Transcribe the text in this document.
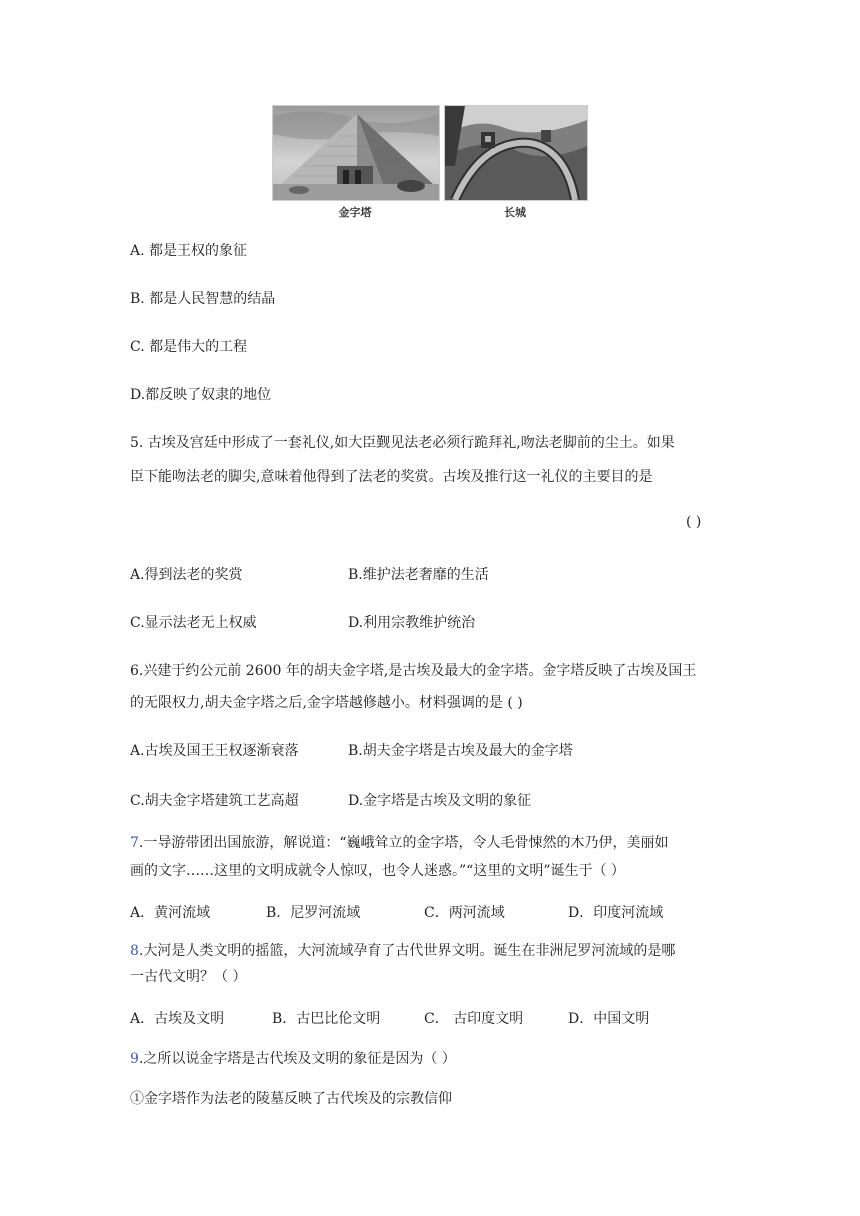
金字塔	长城
A. 都是王权的象征
B. 都是人民智慧的结晶
C. 都是伟大的工程
D.都反映了奴隶的地位
5. 古埃及宫廷中形成了一套礼仪,如大臣觐见法老必须行跪拜礼,吻法老脚前的尘土。如果
臣下能吻法老的脚尖,意味着他得到了法老的奖赏。古埃及推行这一礼仪的主要目的是
( )
A.得到法老的奖赏	B.维护法老奢靡的生活
C.显示法老无上权威	D.利用宗教维护统治
6.兴建于约公元前 2600 年的胡夫金字塔,是古埃及最大的金字塔。金字塔反映了古埃及国王
的无限权力,胡夫金字塔之后,金字塔越修越小。材料强调的是 ( )
A.古埃及国王王权逐渐衰落	B.胡夫金字塔是古埃及最大的金字塔
C.胡夫金字塔建筑工艺高超	D.金字塔是古埃及文明的象征
7.一导游带团出国旅游，解说道：“巍峨耸立的金字塔，令人毛骨悚然的木乃伊，美丽如
画的文字……这里的文明成就令人惊叹，也令人迷惑。”“这里的文明”诞生于（ ）
A．黄河流域	B．尼罗河流域	C．两河流域	D．印度河流域
8.大河是人类文明的摇篮，大河流域孕育了古代世界文明。诞生在非洲尼罗河流域的是哪
一古代文明？（ ）
A．古埃及文明	B．古巴比伦文明	C． 古印度文明	D．中国文明
9.之所以说金字塔是古代埃及文明的象征是因为（ ）
①金字塔作为法老的陵墓反映了古代埃及的宗教信仰
